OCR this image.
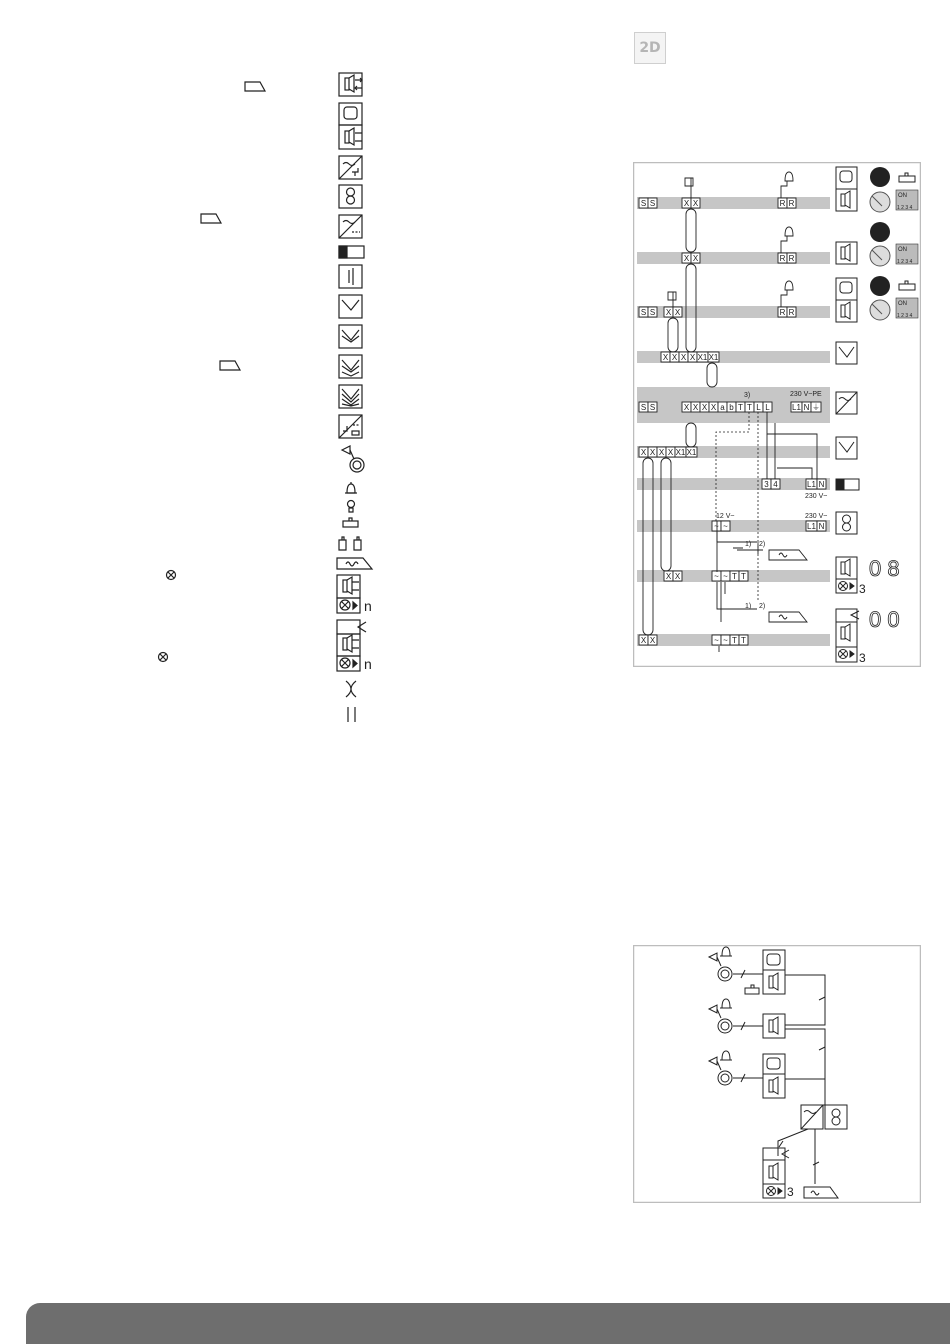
n
n
2D
S S	X X	R R
X X	R R
S S X X	R R
X X X X X1 X1
S S	X X X X a b T T L L	L1 N ⏚
X X X X X1 X1
3 4	L1 N
~ ~	L1 N
X X	~ ~ T T
X X	~ ~ T T
ON
ON
ON
1 2 3 4
1 2 3 4
1 2 3 4
0 8
0 0
230 V~PE
230 V~
230 V~
12 V~
3)
1) 2)
1) 2)
3
3
3
